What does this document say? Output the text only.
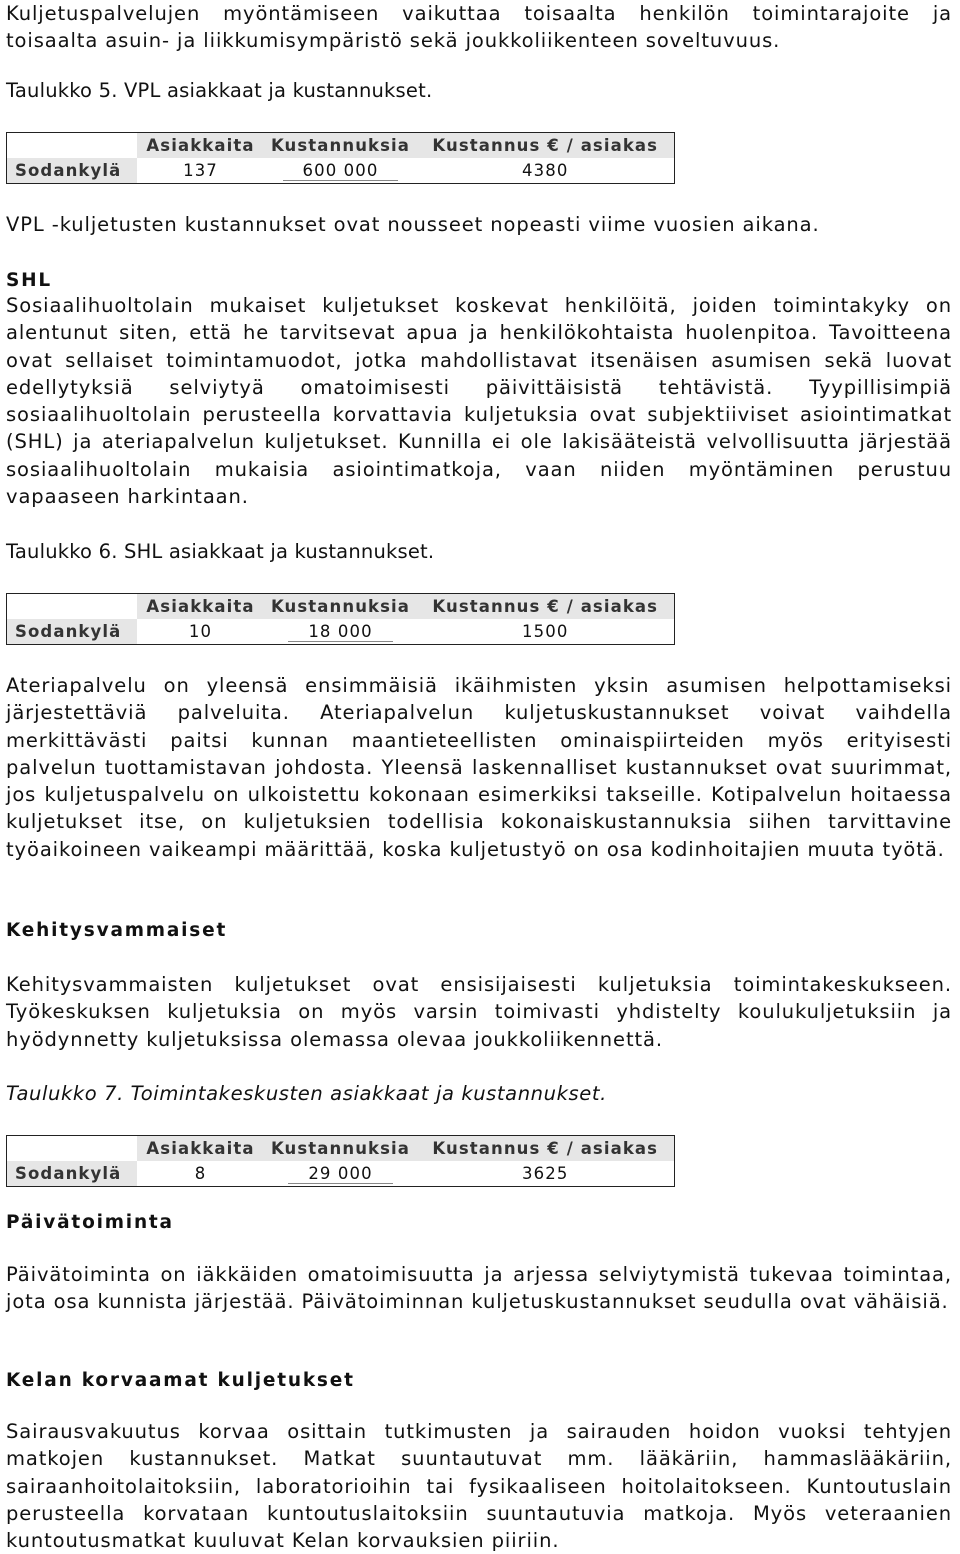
Kuljetuspalvelujen myöntämiseen vaikuttaa toisaalta henkilön toimintarajoite ja toisaalta asuin- ja liikkumisympäristö sekä joukkoliikenteen soveltuvuus.

Taulukko 5. VPL asiakkaat ja kustannukset.
	Asiakkaita	Kustannuksia	Kustannus € / asiakas
Sodankylä	137	600 000	4380

VPL -kuljetusten kustannukset ovat nousseet nopeasti viime vuosien aikana.

SHL

Sosiaalihuoltolain mukaiset kuljetukset koskevat henkilöitä, joiden toimintakyky on alentunut siten, että he tarvitsevat apua ja henkilökohtaista huolenpitoa. Tavoitteena ovat sellaiset toimintamuodot, jotka mahdollistavat itsenäisen asumisen sekä luovat edellytyksiä selviytyä omatoimisesti päivittäisistä tehtävistä. Tyypillisimpiä sosiaalihuoltolain perusteella korvattavia kuljetuksia ovat subjektiiviset asiointimatkat (SHL) ja ateriapalvelun kuljetukset. Kunnilla ei ole lakisääteistä velvollisuutta järjestää sosiaalihuoltolain mukaisia asiointimatkoja, vaan niiden myöntäminen perustuu vapaaseen harkintaan.

Taulukko 6. SHL asiakkaat ja kustannukset.
	Asiakkaita	Kustannuksia	Kustannus € / asiakas
Sodankylä	10	18 000	1500

Ateriapalvelu on yleensä ensimmäisiä ikäihmisten yksin asumisen helpottamiseksi järjestettäviä palveluita. Ateriapalvelun kuljetuskustannukset voivat vaihdella merkittävästi paitsi kunnan maantieteellisten ominaispiirteiden myös erityisesti palvelun tuottamistavan johdosta. Yleensä laskennalliset kustannukset ovat suurimmat, jos kuljetuspalvelu on ulkoistettu kokonaan esimerkiksi takseille. Kotipalvelun hoitaessa kuljetukset itse, on kuljetuksien todellisia kokonaiskustannuksia siihen tarvittavine työaikoineen vaikeampi määrittää, koska kuljetustyö on osa kodinhoitajien muuta työtä.

Kehitysvammaiset

Kehitysvammaisten kuljetukset ovat ensisijaisesti kuljetuksia toimintakeskukseen. Työkeskuksen kuljetuksia on myös varsin toimivasti yhdistelty koulukuljetuksiin ja hyödynnetty kuljetuksissa olemassa olevaa joukkoliikennettä.

Taulukko 7. Toimintakeskusten asiakkaat ja kustannukset.
	Asiakkaita	Kustannuksia	Kustannus € / asiakas
Sodankylä	8	29 000	3625
Päivätoiminta

Päivätoiminta on iäkkäiden omatoimisuutta ja arjessa selviytymistä tukevaa toimintaa, jota osa kunnista järjestää. Päivätoiminnan kuljetuskustannukset seudulla ovat vähäisiä.

Kelan korvaamat kuljetukset

Sairausvakuutus korvaa osittain tutkimusten ja sairauden hoidon vuoksi tehtyjen matkojen kustannukset. Matkat suuntautuvat mm. lääkäriin, hammaslääkäriin, sairaanhoitolaitoksiin, laboratorioihin tai fysikaaliseen hoitolaitokseen. Kuntoutuslain perusteella korvataan kuntoutuslaitoksiin suuntautuvia matkoja. Myös veteraanien kuntoutusmatkat kuuluvat Kelan korvauksien piiriin.
